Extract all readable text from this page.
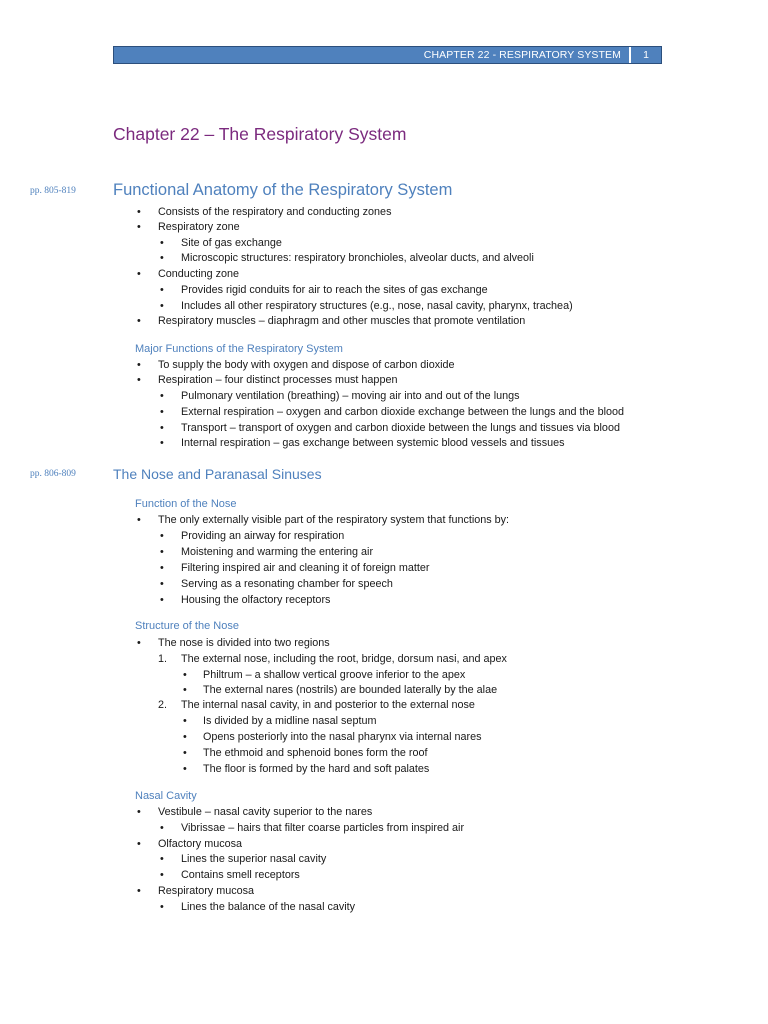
CHAPTER 22 - RESPIRATORY SYSTEM	1
Chapter 22 – The Respiratory System
pp. 805-819 Functional Anatomy of the Respiratory System
• Consists of the respiratory and conducting zones
• Respiratory zone
• Site of gas exchange
• Microscopic structures: respiratory bronchioles, alveolar ducts, and alveoli
• Conducting zone
• Provides rigid conduits for air to reach the sites of gas exchange
• Includes all other respiratory structures (e.g., nose, nasal cavity, pharynx, trachea)
• Respiratory muscles – diaphragm and other muscles that promote ventilation
Major Functions of the Respiratory System
• To supply the body with oxygen and dispose of carbon dioxide
• Respiration – four distinct processes must happen
• Pulmonary ventilation (breathing) – moving air into and out of the lungs
• External respiration – oxygen and carbon dioxide exchange between the lungs and the blood
• Transport – transport of oxygen and carbon dioxide between the lungs and tissues via blood
• Internal respiration – gas exchange between systemic blood vessels and tissues
pp. 806-809	The Nose and Paranasal Sinuses
Function of the Nose
• The only externally visible part of the respiratory system that functions by:
• Providing an airway for respiration
• Moistening and warming the entering air
• Filtering inspired air and cleaning it of foreign matter
• Serving as a resonating chamber for speech
• Housing the olfactory receptors
Structure of the Nose
• The nose is divided into two regions
1. The external nose, including the root, bridge, dorsum nasi, and apex
• Philtrum – a shallow vertical groove inferior to the apex
• The external nares (nostrils) are bounded laterally by the alae
2. The internal nasal cavity, in and posterior to the external nose
• Is divided by a midline nasal septum
• Opens posteriorly into the nasal pharynx via internal nares
• The ethmoid and sphenoid bones form the roof
• The floor is formed by the hard and soft palates
Nasal Cavity
• Vestibule – nasal cavity superior to the nares
• Vibrissae – hairs that filter coarse particles from inspired air
• Olfactory mucosa
• Lines the superior nasal cavity
• Contains smell receptors
• Respiratory mucosa
• Lines the balance of the nasal cavity
